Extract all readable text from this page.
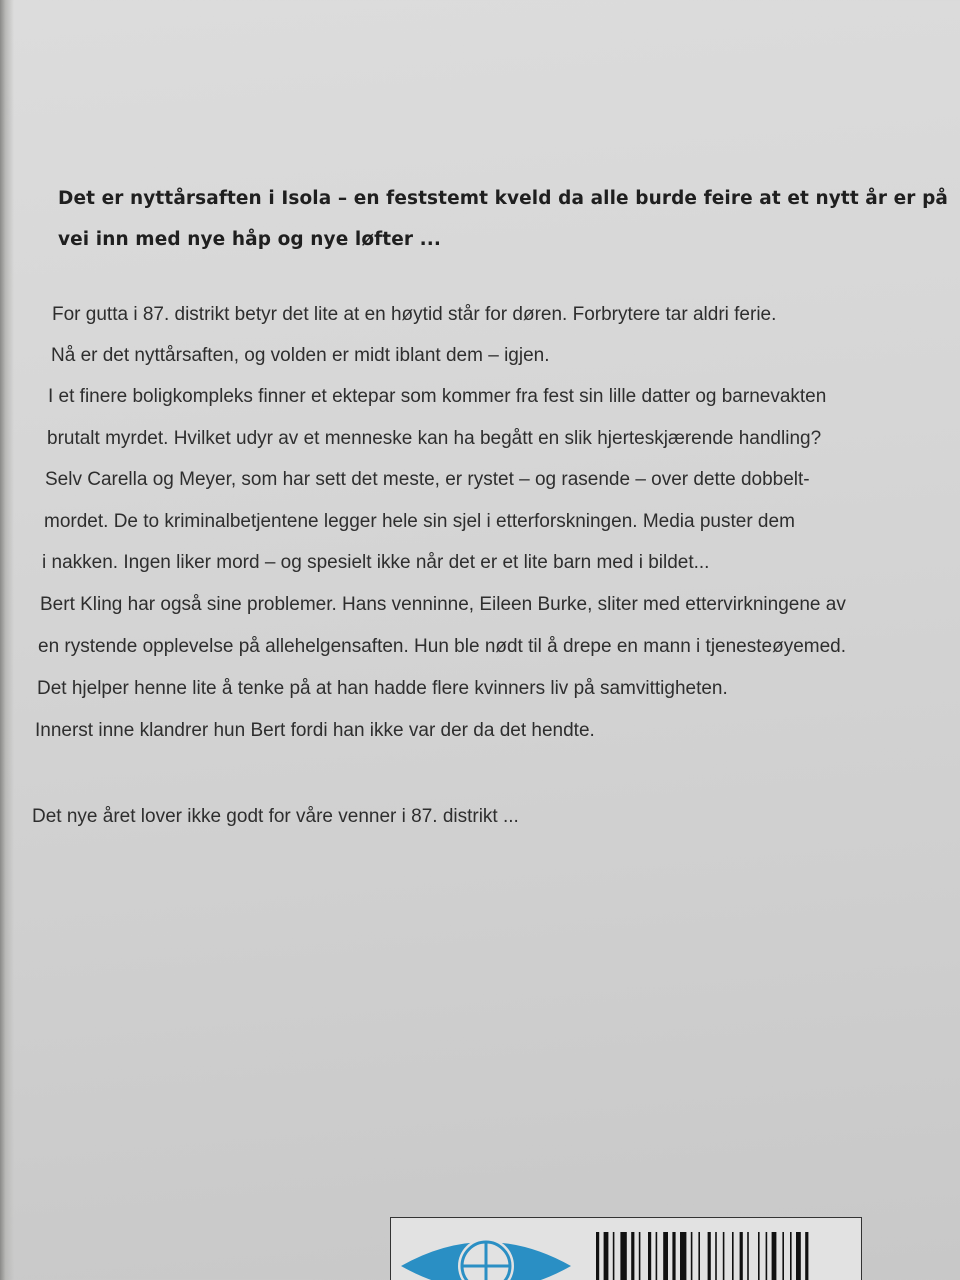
Det er nyttårsaften i Isola – en feststemt kveld da alle burde feire at et nytt år er på
vei inn med nye håp og nye løfter ...
For gutta i 87. distrikt betyr det lite at en høytid står for døren. Forbrytere tar aldri ferie.
Nå er det nyttårsaften, og volden er midt iblant dem – igjen.
I et finere boligkompleks finner et ektepar som kommer fra fest sin lille datter og barnevakten
brutalt myrdet. Hvilket udyr av et menneske kan ha begått en slik hjerteskjærende handling?
Selv Carella og Meyer, som har sett det meste, er rystet – og rasende – over dette dobbelt-
mordet. De to kriminalbetjentene legger hele sin sjel i etterforskningen. Media puster dem
i nakken. Ingen liker mord – og spesielt ikke når det er et lite barn med i bildet...
Bert Kling har også sine problemer. Hans venninne, Eileen Burke, sliter med ettervirkningene av
en rystende opplevelse på allehelgensaften. Hun ble nødt til å drepe en mann i tjenesteøyemed.
Det hjelper henne lite å tenke på at han hadde flere kvinners liv på samvittigheten.
Innerst inne klandrer hun Bert fordi han ikke var der da det hendte.
Det nye året lover ikke godt for våre venner i 87. distrikt ...
